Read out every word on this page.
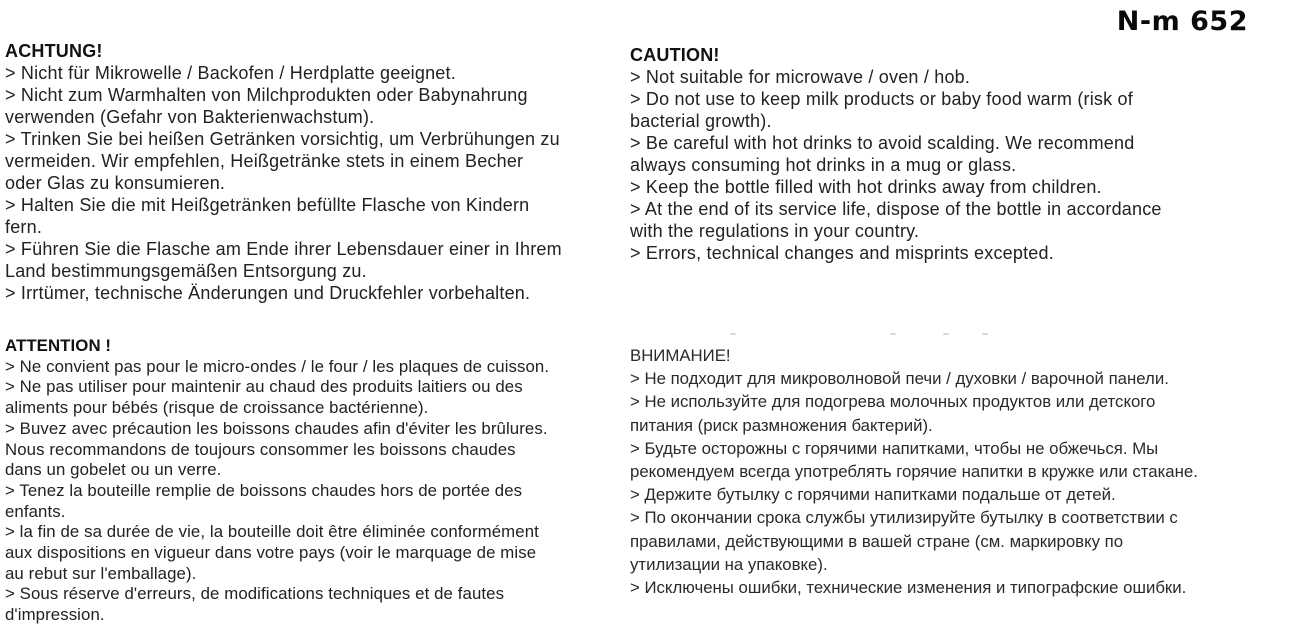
N-m 652
ACHTUNG!
> Nicht für Mikrowelle / Backofen / Herdplatte geeignet.
> Nicht zum Warmhalten von Milchprodukten oder Babynahrung
verwenden (Gefahr von Bakterienwachstum).
> Trinken Sie bei heißen Getränken vorsichtig, um Verbrühungen zu
vermeiden. Wir empfehlen, Heißgetränke stets in einem Becher
oder Glas zu konsumieren.
> Halten Sie die mit Heißgetränken befüllte Flasche von Kindern
fern.
> Führen Sie die Flasche am Ende ihrer Lebensdauer einer in Ihrem
Land bestimmungsgemäßen Entsorgung zu.
> Irrtümer, technische Änderungen und Druckfehler vorbehalten.
CAUTION!
> Not suitable for microwave / oven / hob.
> Do not use to keep milk products or baby food warm (risk of
bacterial growth).
> Be careful with hot drinks to avoid scalding. We recommend
always consuming hot drinks in a mug or glass.
> Keep the bottle filled with hot drinks away from children.
> At the end of its service life, dispose of the bottle in accordance
with the regulations in your country.
> Errors, technical changes and misprints excepted.
ATTENTION !
> Ne convient pas pour le micro-ondes / le four / les plaques de cuisson.
> Ne pas utiliser pour maintenir au chaud des produits laitiers ou des
aliments pour bébés (risque de croissance bactérienne).
> Buvez avec précaution les boissons chaudes afin d'éviter les brûlures.
Nous recommandons de toujours consommer les boissons chaudes
dans un gobelet ou un verre.
> Tenez la bouteille remplie de boissons chaudes hors de portée des
enfants.
> la fin de sa durée de vie, la bouteille doit être éliminée conformément
aux dispositions en vigueur dans votre pays (voir le marquage de mise
au rebut sur l'emballage).
> Sous réserve d'erreurs, de modifications techniques et de fautes
d'impression.
ВНИМАНИЕ!
> Не подходит для микроволновой печи / духовки / варочной панели.
> Не используйте для подогрева молочных продуктов или детского
питания (риск размножения бактерий).
> Будьте осторожны с горячими напитками, чтобы не обжечься. Мы
рекомендуем всегда употреблять горячие напитки в кружке или стакане.
> Держите бутылку с горячими напитками подальше от детей.
> По окончании срока службы утилизируйте бутылку в соответствии с
правилами, действующими в вашей стране (см. маркировку по
утилизации на упаковке).
> Исключены ошибки, технические изменения и типографские ошибки.
